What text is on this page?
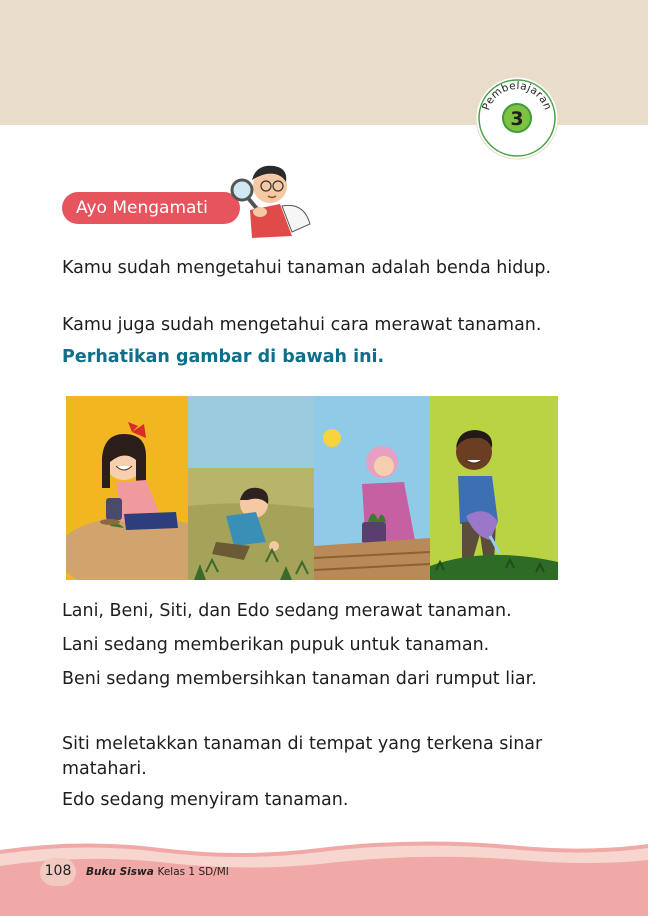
Pembelajaran
3
Ayo Mengamati

Kamu sudah mengetahui tanaman adalah benda hidup.

Kamu juga sudah mengetahui cara merawat tanaman.

Perhatikan gambar di bawah ini.

Lani, Beni, Siti, dan Edo sedang merawat tanaman.

Lani sedang memberikan pupuk untuk tanaman.

Beni sedang membersihkan tanaman dari rumput liar.

Siti meletakkan tanaman di tempat yang terkena sinar matahari.

Edo sedang menyiram tanaman.

108	Buku Siswa Kelas 1 SD/MI
